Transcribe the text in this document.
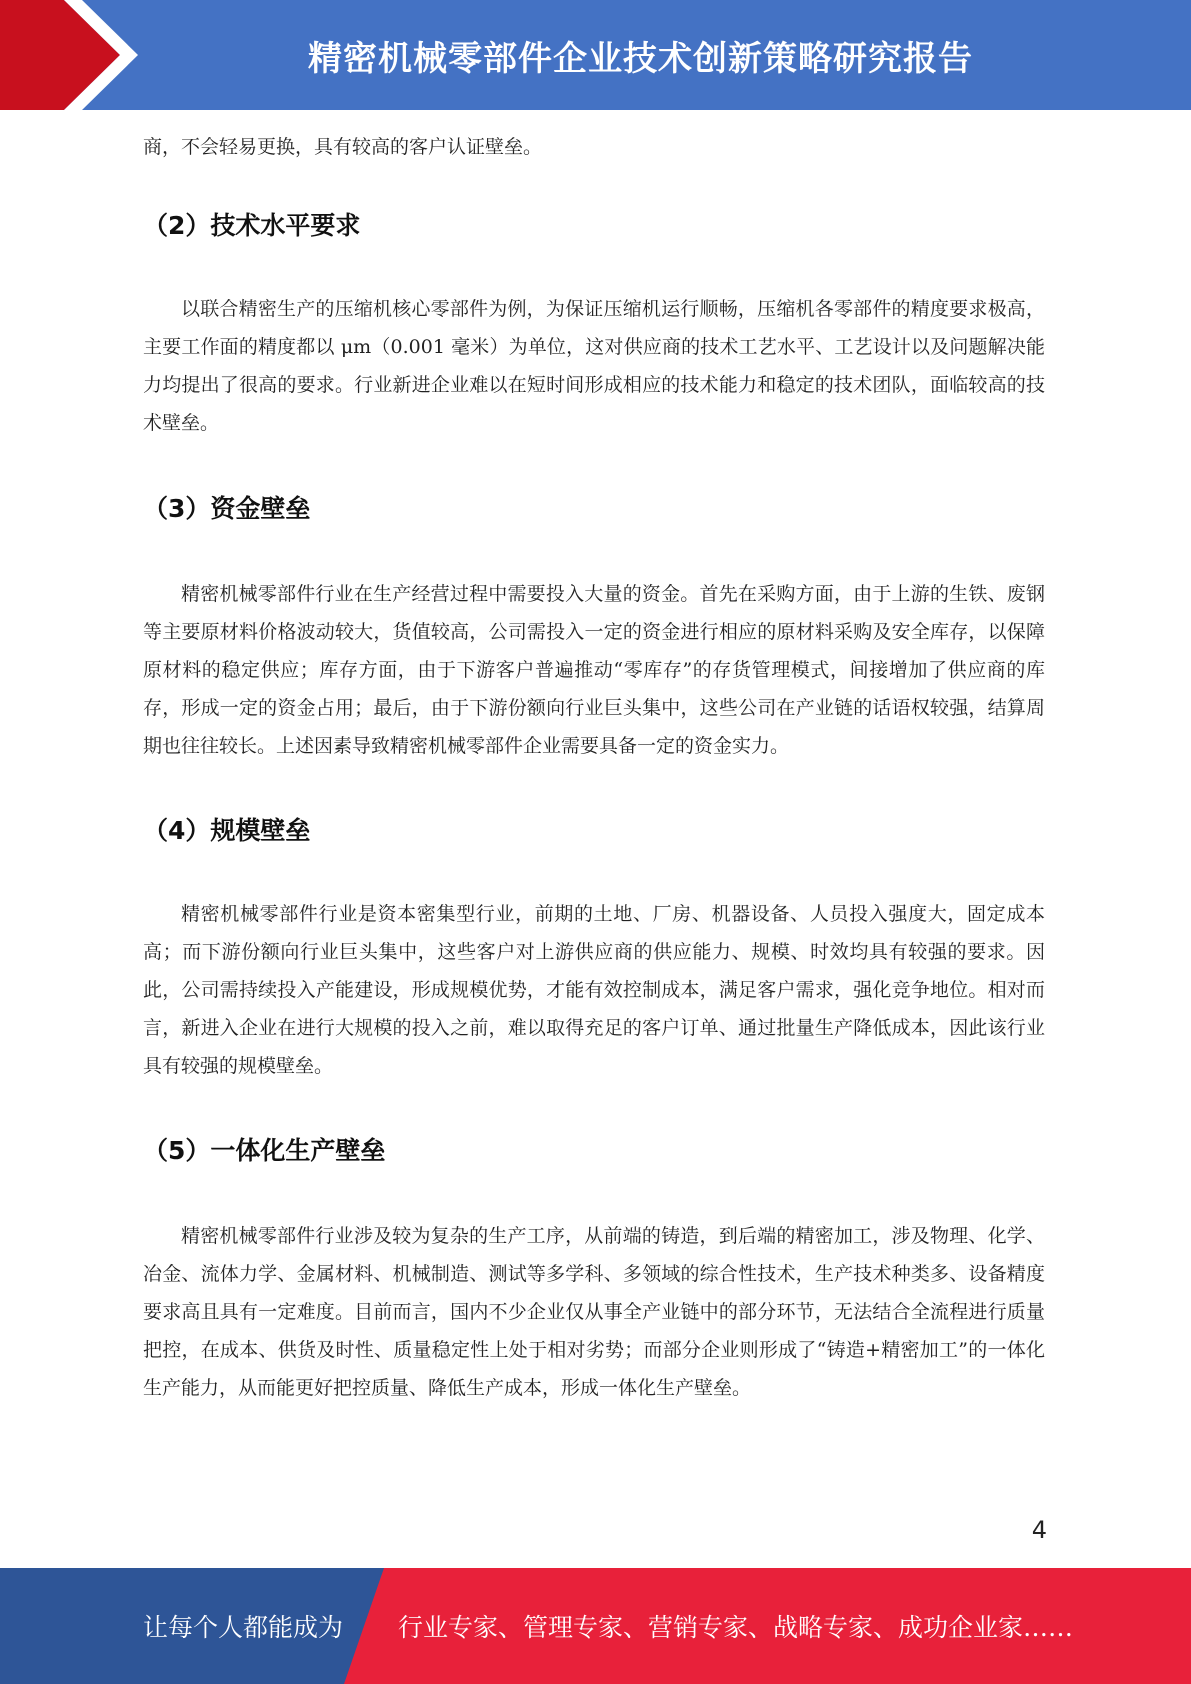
精密机械零部件企业技术创新策略研究报告

商，不会轻易更换，具有较高的客户认证壁垒。

（2）技术水平要求

以联合精密生产的压缩机核心零部件为例，为保证压缩机运行顺畅，压缩机各零部件的精度要求极高，主要工作面的精度都以 μm（0.001 毫米）为单位，这对供应商的技术工艺水平、工艺设计以及问题解决能力均提出了很高的要求。行业新进企业难以在短时间形成相应的技术能力和稳定的技术团队，面临较高的技术壁垒。

（3）资金壁垒

精密机械零部件行业在生产经营过程中需要投入大量的资金。首先在采购方面，由于上游的生铁、废钢等主要原材料价格波动较大，货值较高，公司需投入一定的资金进行相应的原材料采购及安全库存，以保障原材料的稳定供应；库存方面，由于下游客户普遍推动“零库存”的存货管理模式，间接增加了供应商的库存，形成一定的资金占用；最后，由于下游份额向行业巨头集中，这些公司在产业链的话语权较强，结算周期也往往较长。上述因素导致精密机械零部件企业需要具备一定的资金实力。

（4）规模壁垒

精密机械零部件行业是资本密集型行业，前期的土地、厂房、机器设备、人员投入强度大，固定成本高；而下游份额向行业巨头集中，这些客户对上游供应商的供应能力、规模、时效均具有较强的要求。因此，公司需持续投入产能建设，形成规模优势，才能有效控制成本，满足客户需求，强化竞争地位。相对而言，新进入企业在进行大规模的投入之前，难以取得充足的客户订单、通过批量生产降低成本，因此该行业具有较强的规模壁垒。

（5）一体化生产壁垒

精密机械零部件行业涉及较为复杂的生产工序，从前端的铸造，到后端的精密加工，涉及物理、化学、冶金、流体力学、金属材料、机械制造、测试等多学科、多领域的综合性技术，生产技术种类多、设备精度要求高且具有一定难度。目前而言，国内不少企业仅从事全产业链中的部分环节，无法结合全流程进行质量把控，在成本、供货及时性、质量稳定性上处于相对劣势；而部分企业则形成了“铸造+精密加工”的一体化生产能力，从而能更好把控质量、降低生产成本，形成一体化生产壁垒。

4
让每个人都能成为 行业专家、管理专家、营销专家、战略专家、成功企业家……
